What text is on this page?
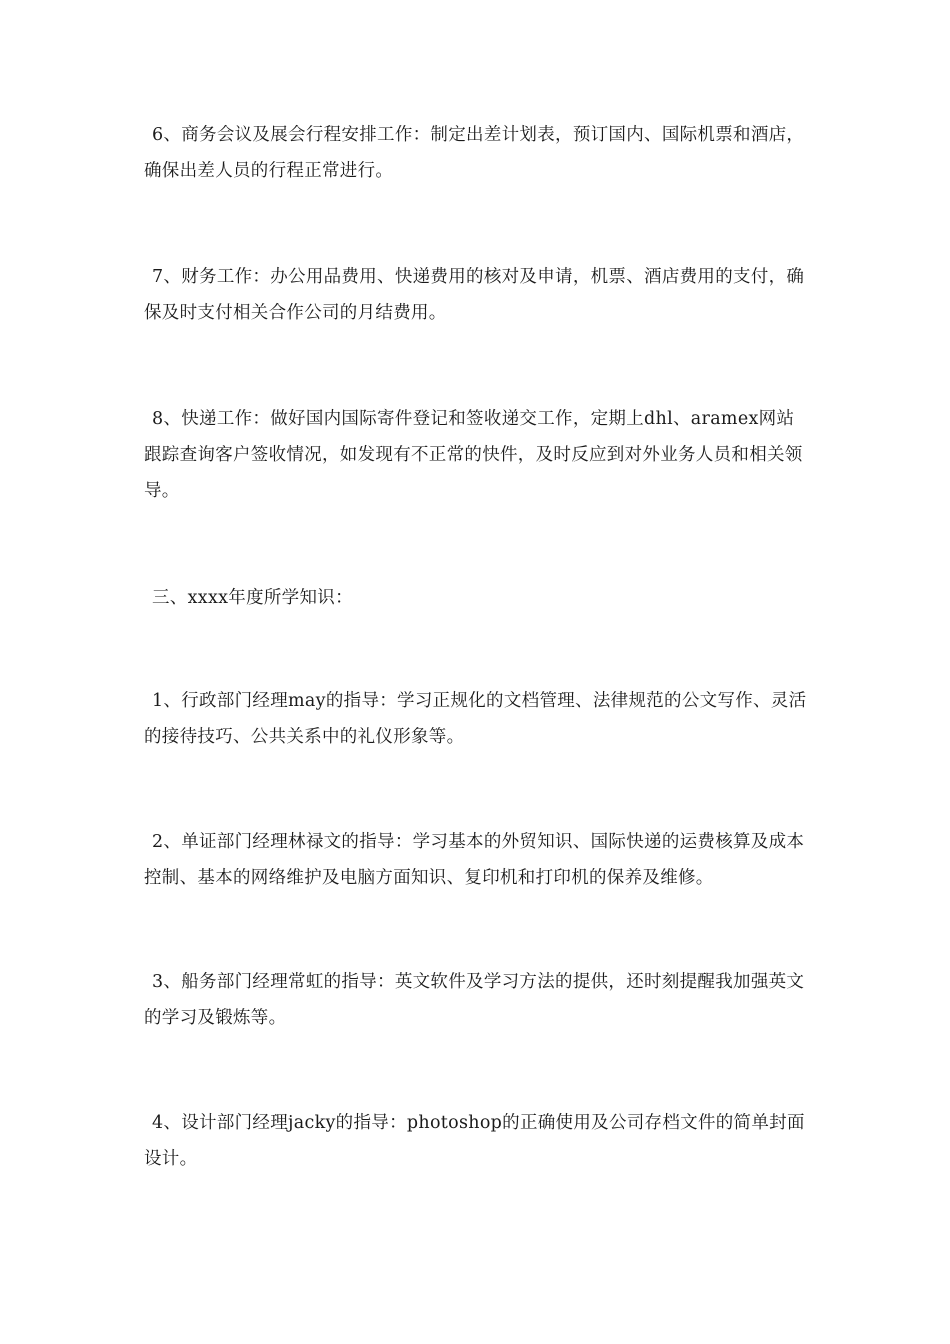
6、商务会议及展会行程安排工作：制定出差计划表，预订国内、国际机票和酒店，确保出差人员的行程正常进行。

7、财务工作：办公用品费用、快递费用的核对及申请，机票、酒店费用的支付，确保及时支付相关合作公司的月结费用。

8、快递工作：做好国内国际寄件登记和签收递交工作，定期上dhl、aramex网站跟踪查询客户签收情况，如发现有不正常的快件，及时反应到对外业务人员和相关领导。

三、xxxx年度所学知识：

1、行政部门经理may的指导：学习正规化的文档管理、法律规范的公文写作、灵活的接待技巧、公共关系中的礼仪形象等。

2、单证部门经理林禄文的指导：学习基本的外贸知识、国际快递的运费核算及成本控制、基本的网络维护及电脑方面知识、复印机和打印机的保养及维修。

3、船务部门经理常虹的指导：英文软件及学习方法的提供，还时刻提醒我加强英文的学习及锻炼等。

4、设计部门经理jacky的指导：photoshop的正确使用及公司存档文件的简单封面设计。
